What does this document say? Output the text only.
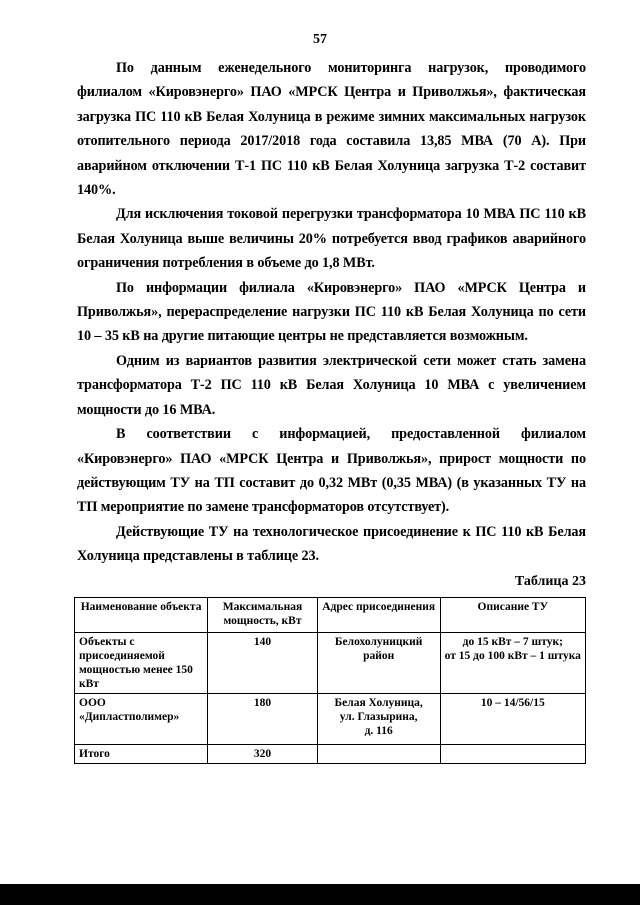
57

По данным еженедельного мониторинга нагрузок, проводимого филиалом «Кировэнерго» ПАО «МРСК Центра и Приволжья», фактическая загрузка ПС 110 кВ Белая Холуница в режиме зимних максимальных нагрузок отопительного периода 2017/2018 года составила 13,85 МВА (70 А). При аварийном отключении Т-1 ПС 110 кВ Белая Холуница загрузка Т-2 составит 140%.

Для исключения токовой перегрузки трансформатора 10 МВА ПС 110 кВ Белая Холуница выше величины 20% потребуется ввод графиков аварийного ограничения потребления в объеме до 1,8 МВт.

По информации филиала «Кировэнерго» ПАО «МРСК Центра и Приволжья», перераспределение нагрузки ПС 110 кВ Белая Холуница по сети 10 – 35 кВ на другие питающие центры не представляется возможным.

Одним из вариантов развития электрической сети может стать замена трансформатора Т-2 ПС 110 кВ Белая Холуница 10 МВА с увеличением мощности до 16 МВА.

В соответствии с информацией, предоставленной филиалом «Кировэнерго» ПАО «МРСК Центра и Приволжья», прирост мощности по действующим ТУ на ТП составит до 0,32 МВт (0,35 МВА) (в указанных ТУ на ТП мероприятие по замене трансформаторов отсутствует).

Действующие ТУ на технологическое присоединение к ПС 110 кВ Белая Холуница представлены в таблице 23.

Таблица 23
Наименование объекта	Максимальная мощность, кВт	Адрес присоединения	Описание ТУ
Объекты с присоединяемой мощностью менее 150 кВт	140	Белохолуницкий район	до 15 кВт – 7 штук;
от 15 до 100 кВт – 1 штука

ООО «Дипластполимер»	180	Белая Холуница,
ул. Глазырина,
д. 116	10 – 14/56/15
Итого	320		
